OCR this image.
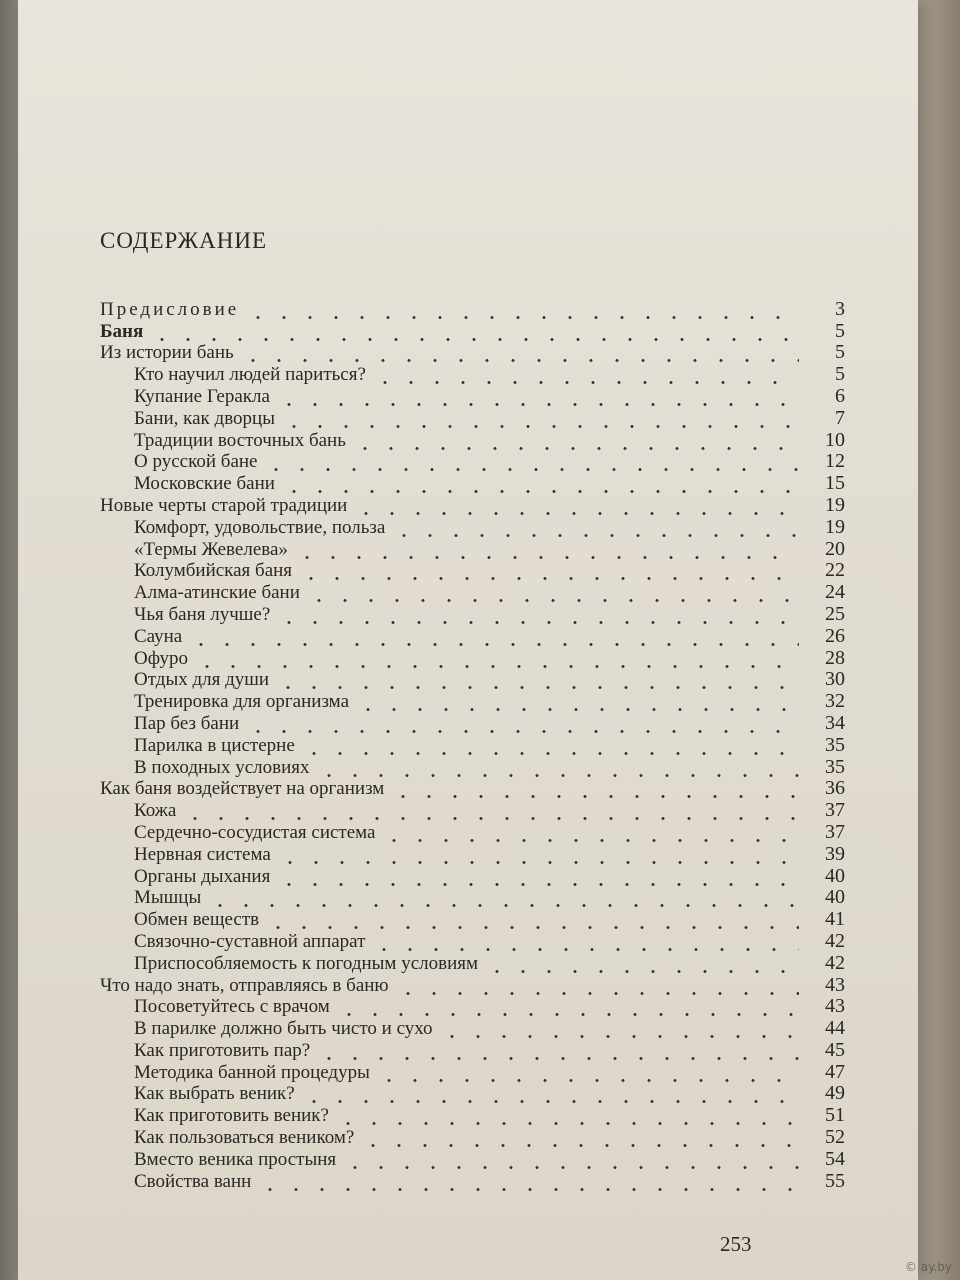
СОДЕРЖАНИЕ
Предисловие	3
Баня	5
Из истории бань	5
Кто научил людей париться?	5
Купание Геракла	6
Бани, как дворцы	7
Традиции восточных бань	10
О русской бане	12
Московские бани	15
Новые черты старой традиции	19
Комфорт, удовольствие, польза	19
«Термы Жевелева»	20
Колумбийская баня	22
Алма-атинские бани	24
Чья баня лучше?	25
Сауна	26
Офуро	28
Отдых для души	30
Тренировка для организма	32
Пар без бани	34
Парилка в цистерне	35
В походных условиях	35
Как баня воздействует на организм	36
Кожа	37
Сердечно-сосудистая система	37
Нервная система	39
Органы дыхания	40
Мышцы	40
Обмен веществ	41
Связочно-суставной аппарат	42
Приспособляемость к погодным условиям	42
Что надо знать, отправляясь в баню	43
Посоветуйтесь с врачом	43
В парилке должно быть чисто и сухо	44
Как приготовить пар?	45
Методика банной процедуры	47
Как выбрать веник?	49
Как приготовить веник?	51
Как пользоваться веником?	52
Вместо веника простыня	54
Свойства ванн	55
253
© ay.by
